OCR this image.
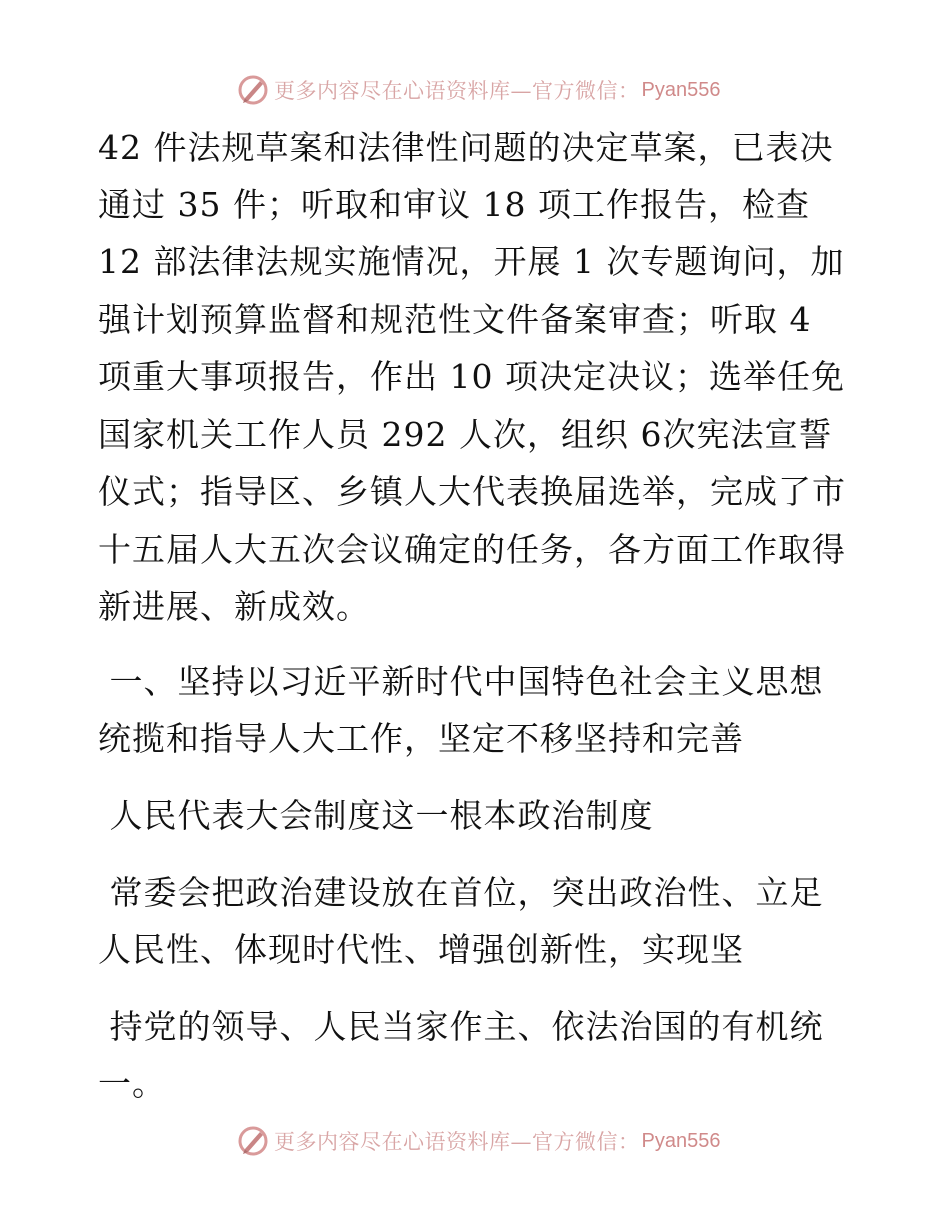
更多内容尽在心语资料库—官方微信： Pyan556
42 件法规草案和法律性问题的决定草案，已表决
通过 35 件；听取和审议 18 项工作报告，检查
12 部法律法规实施情况，开展 1 次专题询问，加
强计划预算监督和规范性文件备案审查；听取 4
项重大事项报告，作出 10 项决定决议；选举任免
国家机关工作人员 292 人次，组织 6次宪法宣誓
仪式；指导区、乡镇人大代表换届选举，完成了市
十五届人大五次会议确定的任务，各方面工作取得
新进展、新成效。
一、坚持以习近平新时代中国特色社会主义思想
统揽和指导人大工作，坚定不移坚持和完善
人民代表大会制度这一根本政治制度
常委会把政治建设放在首位，突出政治性、立足
人民性、体现时代性、增强创新性，实现坚
持党的领导、人民当家作主、依法治国的有机统
一。
更多内容尽在心语资料库—官方微信： Pyan556
